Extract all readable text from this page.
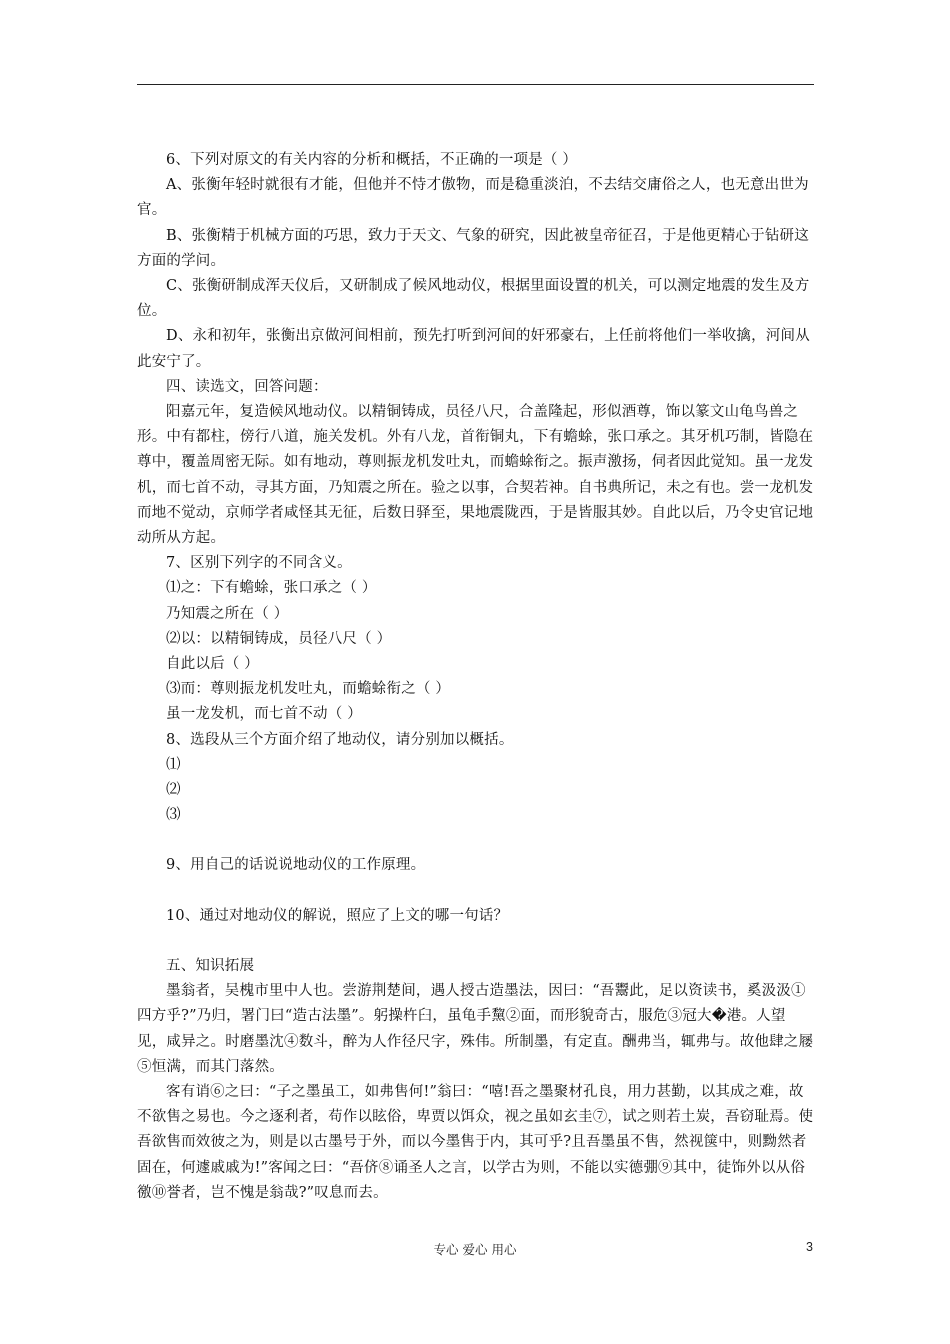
6、下列对原文的有关内容的分析和概括，不正确的一项是（ ）

A、张衡年轻时就很有才能，但他并不恃才傲物，而是稳重淡泊，不去结交庸俗之人，也无意出世为官。

B、张衡精于机械方面的巧思，致力于天文、气象的研究，因此被皇帝征召，于是他更精心于钻研这方面的学问。

C、张衡研制成浑天仪后，又研制成了候风地动仪，根据里面设置的机关，可以测定地震的发生及方位。

D、永和初年，张衡出京做河间相前，预先打听到河间的奸邪豪右，上任前将他们一举收擒，河间从此安宁了。

四、读选文，回答问题：

阳嘉元年，复造候风地动仪。以精铜铸成，员径八尺，合盖隆起，形似酒尊，饰以篆文山龟鸟兽之形。中有都柱，傍行八道，施关发机。外有八龙，首衔铜丸，下有蟾蜍，张口承之。其牙机巧制，皆隐在尊中，覆盖周密无际。如有地动，尊则振龙机发吐丸，而蟾蜍衔之。振声激扬，伺者因此觉知。虽一龙发机，而七首不动，寻其方面，乃知震之所在。验之以事，合契若神。自书典所记，未之有也。尝一龙机发而地不觉动，京师学者咸怪其无征，后数日驿至，果地震陇西，于是皆服其妙。自此以后，乃令史官记地动所从方起。

7、区别下列字的不同含义。

⑴之：下有蟾蜍，张口承之（ ）

乃知震之所在（ ）

⑵以：以精铜铸成，员径八尺（ ）

自此以后（ ）

⑶而：尊则振龙机发吐丸，而蟾蜍衔之（ ）

虽一龙发机，而七首不动（ ）

8、选段从三个方面介绍了地动仪，请分别加以概括。

⑴

⑵

⑶

9、用自己的话说说地动仪的工作原理。

10、通过对地动仪的解说，照应了上文的哪一句话？

五、知识拓展

墨翁者，吴槐市里中人也。尝游荆楚间，遇人授古造墨法，因曰：“吾鬻此，足以资读书，奚汲汲①四方乎?”乃归，署门曰“造古法墨”。躬操杵臼，虽龟手黧②面，而形貌奇古，服危③冠大�港。人望见，咸异之。时磨墨沈④数斗，醉为人作径尺字，殊伟。所制墨，有定直。酬弗当，辄弗与。故他肆之屦⑤恒满，而其门落然。

客有诮⑥之曰：“子之墨虽工，如弗售何!”翁曰：“嘻!吾之墨聚材孔良，用力甚勤，以其成之难，故不欲售之易也。今之逐利者，苟作以眩俗，卑贾以饵众，视之虽如玄圭⑦，试之则若土炭，吾窃耻焉。使吾欲售而效彼之为，则是以古墨号于外，而以今墨售于内，其可乎?且吾墨虽不售，然视箧中，则黝然者固在，何遽戚戚为!”客闻之曰：“吾侪⑧诵圣人之言，以学古为则，不能以实德弸⑨其中，徒饰外以从俗徼⑩誉者，岂不愧是翁哉?”叹息而去。

专心 爱心 用心	3
